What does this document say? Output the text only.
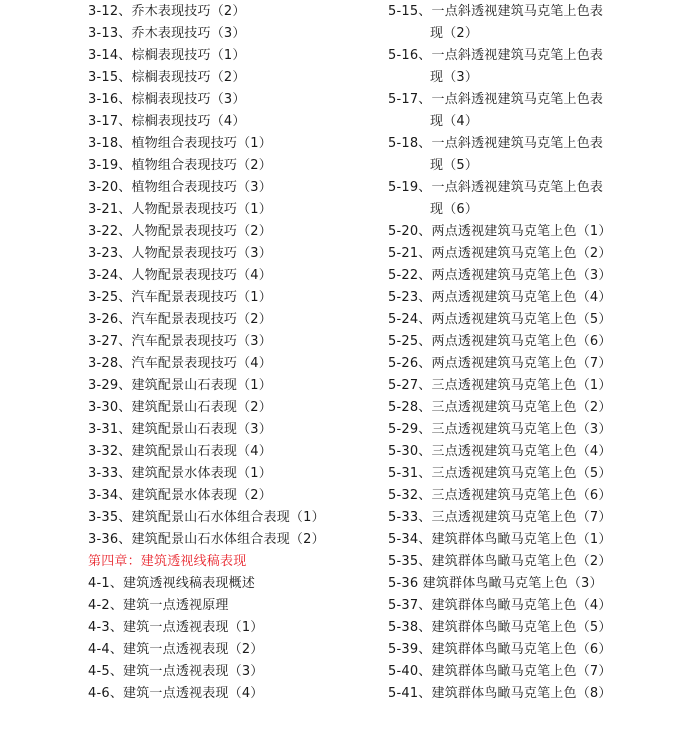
3-12、乔木表现技巧（2）
3-13、乔木表现技巧（3）
3-14、棕榈表现技巧（1）
3-15、棕榈表现技巧（2）
3-16、棕榈表现技巧（3）
3-17、棕榈表现技巧（4）
3-18、植物组合表现技巧（1）
3-19、植物组合表现技巧（2）
3-20、植物组合表现技巧（3）
3-21、人物配景表现技巧（1）
3-22、人物配景表现技巧（2）
3-23、人物配景表现技巧（3）
3-24、人物配景表现技巧（4）
3-25、汽车配景表现技巧（1）
3-26、汽车配景表现技巧（2）
3-27、汽车配景表现技巧（3）
3-28、汽车配景表现技巧（4）
3-29、建筑配景山石表现（1）
3-30、建筑配景山石表现（2）
3-31、建筑配景山石表现（3）
3-32、建筑配景山石表现（4）
3-33、建筑配景水体表现（1）
3-34、建筑配景水体表现（2）
3-35、建筑配景山石水体组合表现（1）
3-36、建筑配景山石水体组合表现（2）
第四章：建筑透视线稿表现
4-1、建筑透视线稿表现概述
4-2、建筑一点透视原理
4-3、建筑一点透视表现（1）
4-4、建筑一点透视表现（2）
4-5、建筑一点透视表现（3）
4-6、建筑一点透视表现（4）
5-15、一点斜透视建筑马克笔上色表
现（2）
5-16、一点斜透视建筑马克笔上色表
现（3）
5-17、一点斜透视建筑马克笔上色表
现（4）
5-18、一点斜透视建筑马克笔上色表
现（5）
5-19、一点斜透视建筑马克笔上色表
现（6）
5-20、两点透视建筑马克笔上色（1）
5-21、两点透视建筑马克笔上色（2）
5-22、两点透视建筑马克笔上色（3）
5-23、两点透视建筑马克笔上色（4）
5-24、两点透视建筑马克笔上色（5）
5-25、两点透视建筑马克笔上色（6）
5-26、两点透视建筑马克笔上色（7）
5-27、三点透视建筑马克笔上色（1）
5-28、三点透视建筑马克笔上色（2）
5-29、三点透视建筑马克笔上色（3）
5-30、三点透视建筑马克笔上色（4）
5-31、三点透视建筑马克笔上色（5）
5-32、三点透视建筑马克笔上色（6）
5-33、三点透视建筑马克笔上色（7）
5-34、建筑群体鸟瞰马克笔上色（1）
5-35、建筑群体鸟瞰马克笔上色（2）
5-36 建筑群体鸟瞰马克笔上色（3）
5-37、建筑群体鸟瞰马克笔上色（4）
5-38、建筑群体鸟瞰马克笔上色（5）
5-39、建筑群体鸟瞰马克笔上色（6）
5-40、建筑群体鸟瞰马克笔上色（7）
5-41、建筑群体鸟瞰马克笔上色（8）
